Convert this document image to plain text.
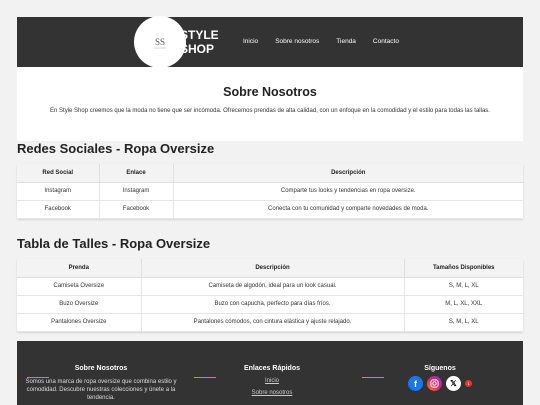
SS STYLE
SHOP
Inicio	Sobre nosotros	Tienda	Contacto
Sobre Nosotros

En Style Shop creemos que la moda no tiene que ser incómoda. Ofrecemos prendas de alta calidad, con un enfoque en la comodidad y el estilo para todas las tallas.

Redes Sociales - Ropa Oversize
Red Social	Enlace	Descripción
Instagram	Instagram	Comparte tus looks y tendencias en ropa oversize.
Facebook	Facebook	Conecta con tu comunidad y comparte novedades de moda.
Tabla de Talles - Ropa Oversize
Prenda	Descripción	Tamaños Disponibles
Camiseta Oversize	Camiseta de algodón, ideal para un look casual.	S, M, L, XL
Buzo Oversize	Buzo con capucha, perfecto para días fríos.	M, L, XL, XXL
Pantalones Oversize	Pantalones cómodos, con cintura elástica y ajuste relajado.	S, M, L, XL
Sobre Nosotros

Somos una marca de ropa oversize que combina estilo y comodidad. Descubre nuestras colecciones y únete a la tendencia.

Enlaces Rápidos
Inicio
Sobre nosotros
Síguenos
f	𝕏	1
